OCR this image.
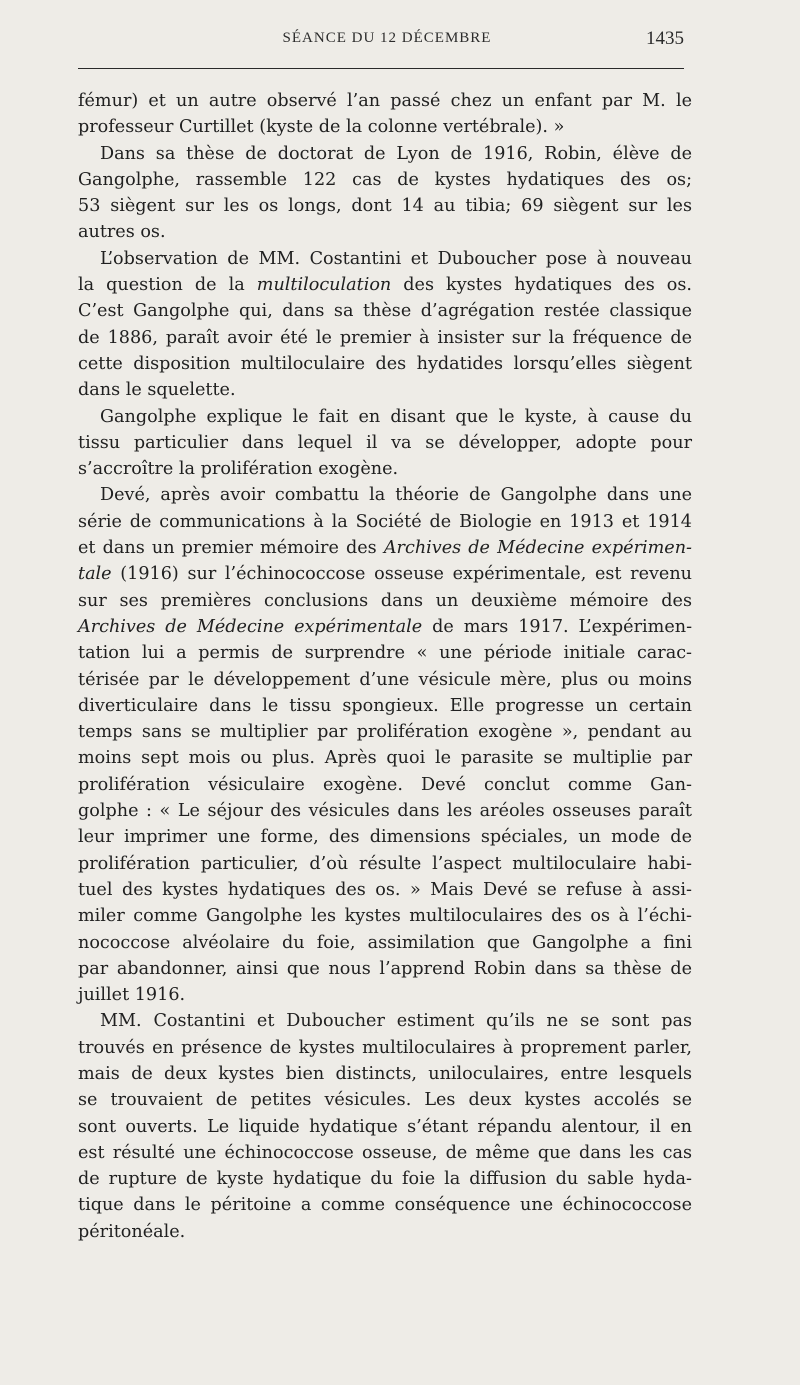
SÉANCE DU 12 DÉCEMBRE	1435
fémur) et un autre observé l’an passé chez un enfant par M. le
professeur Curtillet (kyste de la colonne vertébrale). »
Dans sa thèse de doctorat de Lyon de 1916, Robin, élève de
Gangolphe, rassemble 122 cas de kystes hydatiques des os;
53 siègent sur les os longs, dont 14 au tibia; 69 siègent sur les
autres os.
L’observation de MM. Costantini et Duboucher pose à nouveau
la question de la multiloculation des kystes hydatiques des os.
C’est Gangolphe qui, dans sa thèse d’agrégation restée classique
de 1886, paraît avoir été le premier à insister sur la fréquence de
cette disposition multiloculaire des hydatides lorsqu’elles siègent
dans le squelette.
Gangolphe explique le fait en disant que le kyste, à cause du
tissu particulier dans lequel il va se développer, adopte pour
s’accroître la prolifération exogène.
Devé, après avoir combattu la théorie de Gangolphe dans une
série de communications à la Société de Biologie en 1913 et 1914
et dans un premier mémoire des Archives de Médecine expérimen-
tale (1916) sur l’échinococcose osseuse expérimentale, est revenu
sur ses premières conclusions dans un deuxième mémoire des
Archives de Médecine expérimentale de mars 1917. L’expérimen-
tation lui a permis de surprendre « une période initiale carac-
térisée par le développement d’une vésicule mère, plus ou moins
diverticulaire dans le tissu spongieux. Elle progresse un certain
temps sans se multiplier par prolifération exogène », pendant au
moins sept mois ou plus. Après quoi le parasite se multiplie par
prolifération vésiculaire exogène. Devé conclut comme Gan-
golphe : « Le séjour des vésicules dans les aréoles osseuses paraît
leur imprimer une forme, des dimensions spéciales, un mode de
prolifération particulier, d’où résulte l’aspect multiloculaire habi-
tuel des kystes hydatiques des os. » Mais Devé se refuse à assi-
miler comme Gangolphe les kystes multiloculaires des os à l’échi-
nococcose alvéolaire du foie, assimilation que Gangolphe a fini
par abandonner, ainsi que nous l’apprend Robin dans sa thèse de
juillet 1916.
MM. Costantini et Duboucher estiment qu’ils ne se sont pas
trouvés en présence de kystes multiloculaires à proprement parler,
mais de deux kystes bien distincts, uniloculaires, entre lesquels
se trouvaient de petites vésicules. Les deux kystes accolés se
sont ouverts. Le liquide hydatique s’étant répandu alentour, il en
est résulté une échinococcose osseuse, de même que dans les cas
de rupture de kyste hydatique du foie la diffusion du sable hyda-
tique dans le péritoine a comme conséquence une échinococcose
péritonéale.
